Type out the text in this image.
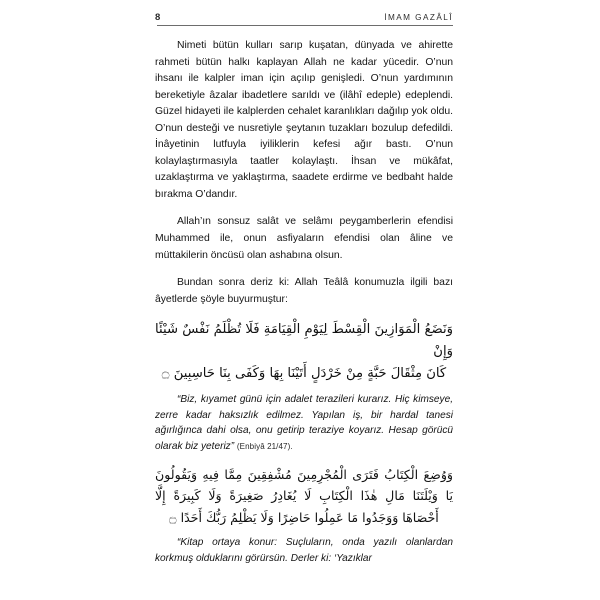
8	İMAM GAZÂLÎ

Nimeti bütün kulları sarıp kuşatan, dünyada ve ahirette rahmeti bütün halkı kaplayan Allah ne kadar yücedir. O’nun ihsanı ile kalpler iman için açılıp genişledi. O’nun yardımının bereketiyle âzalar ibadetlere sarıldı ve (ilâhî edeple) edeplendi. Güzel hidayeti ile kalplerden cehalet karanlıkları dağılıp yok oldu. O’nun desteği ve nusretiyle şeytanın tuzakları bozulup defedildi. İnâyetinin lutfuyla iyiliklerin kefesi ağır bastı. O’nun kolaylaştırmasıyla taatler kolaylaştı. İhsan ve mükâfat, uzaklaştırma ve yaklaştırma, saadete erdirme ve bedbaht halde bırakma O’dandır.

Allah’ın sonsuz salât ve selâmı peygamberlerin efendisi Muhammed ile, onun asfiyaların efendisi olan âline ve müttakilerin öncüsü olan ashabına olsun.

Bundan sonra deriz ki: Allah Teâlâ konumuzla ilgili bazı âyetlerde şöyle buyurmuştur:

وَنَضَعُ الْمَوَازِينَ الْقِسْطَ لِيَوْمِ الْقِيَامَةِ فَلَا تُظْلَمُ نَفْسٌ شَيْئًا وَإِنْ
كَانَ مِثْقَالَ حَبَّةٍ مِنْ خَرْدَلٍ أَتَيْنَا بِهَا وَكَفَى بِنَا حَاسِبِينَ ۝

“Biz, kıyamet günü için adalet terazileri kurarız. Hiç kimseye, zerre kadar haksızlık edilmez. Yapılan iş, bir hardal tanesi ağırlığınca dahi olsa, onu getirip teraziye koyarız. Hesap görücü olarak biz yeteriz” (Enbiyâ 21/47).

وَوُضِعَ الْكِتَابُ فَتَرَى الْمُجْرِمِينَ مُشْفِقِينَ مِمَّا فِيهِ وَيَقُولُونَ
يَا وَيْلَتَنَا مَالِ هٰذَا الْكِتَابِ لَا يُغَادِرُ صَغِيرَةً وَلَا كَبِيرَةً إِلَّا
أَحْصَاهَا وَوَجَدُوا مَا عَمِلُوا حَاضِرًا وَلَا يَظْلِمُ رَبُّكَ أَحَدًا ۝

“Kitap ortaya konur: Suçluların, onda yazılı olanlardan korkmuş olduklarını görürsün. Derler ki: ‘Yazıklar
